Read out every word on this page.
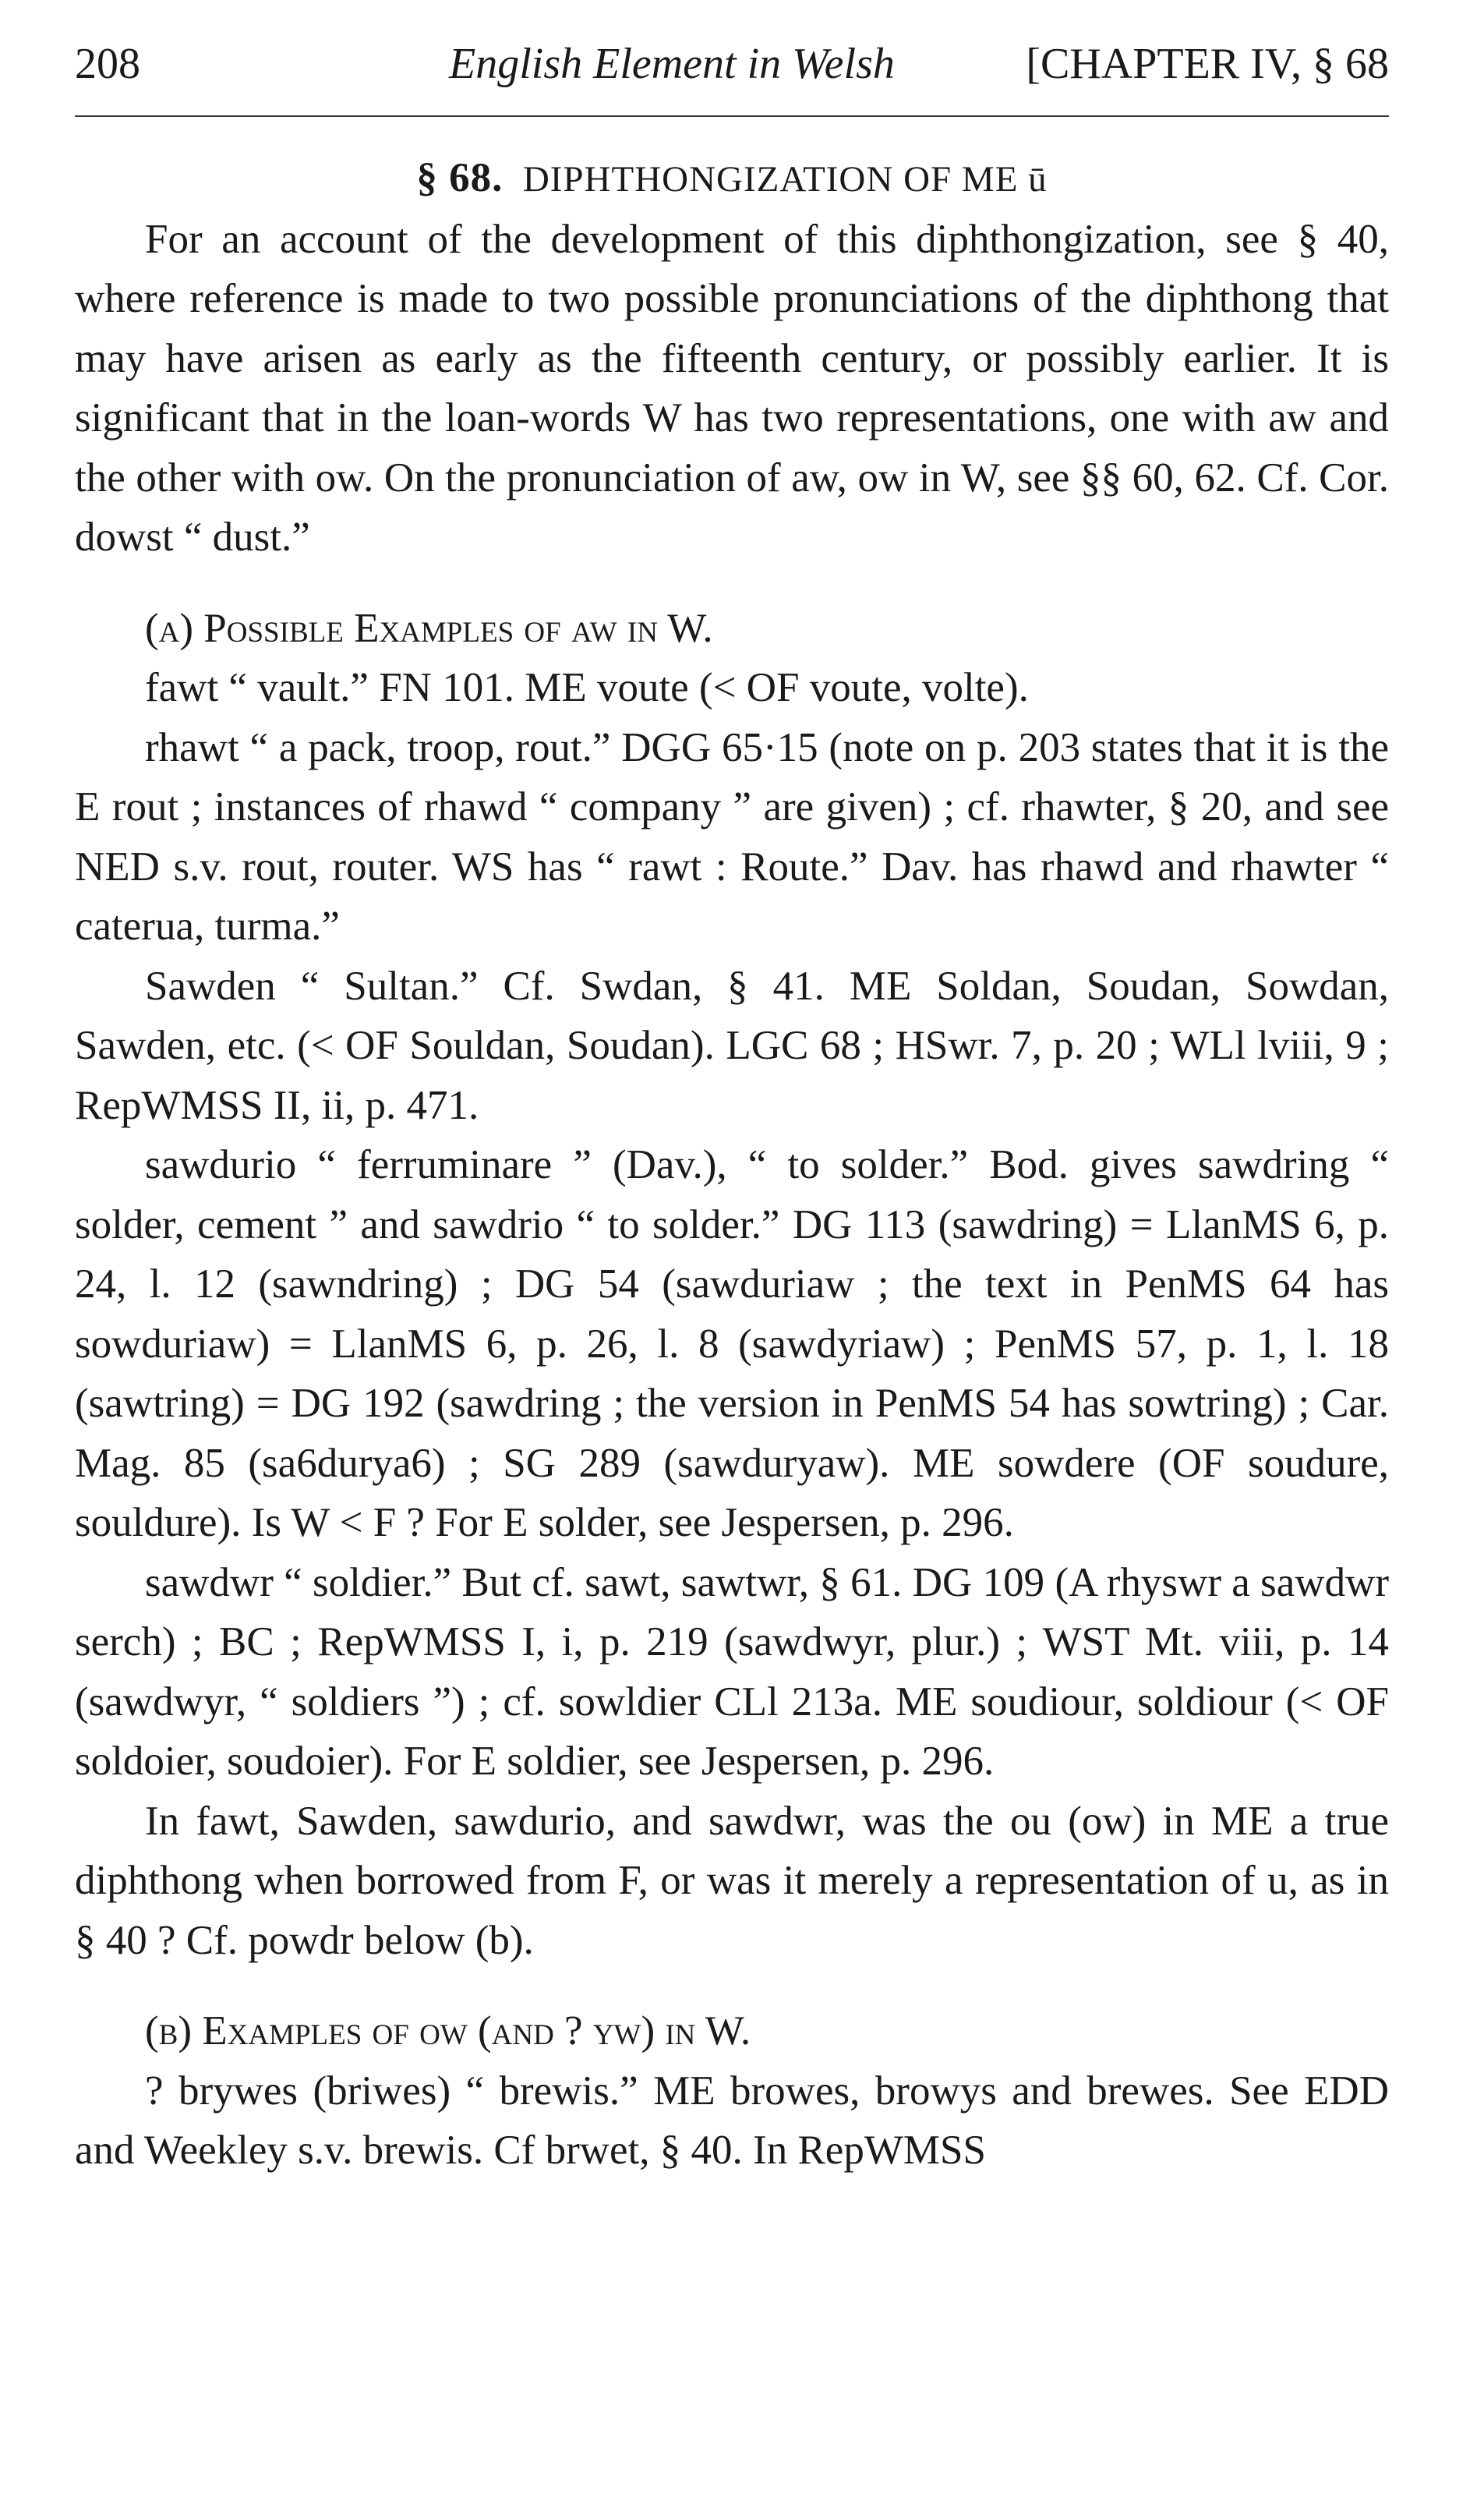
208	English Element in Welsh	[CHAPTER IV, § 68

§ 68. DIPHTHONGIZATION OF ME ū

For an account of the development of this diphthongization, see § 40, where reference is made to two possible pronunciations of the diphthong that may have arisen as early as the fifteenth century, or possibly earlier. It is significant that in the loan-words W has two representations, one with aw and the other with ow. On the pronunciation of aw, ow in W, see §§ 60, 62. Cf. Cor. dowst “ dust.”

(a) Possible Examples of aw in W.

fawt “ vault.” FN 101. ME voute (< OF voute, volte).

rhawt “ a pack, troop, rout.” DGG 65·15 (note on p. 203 states that it is the E rout ; instances of rhawd “ company ” are given) ; cf. rhawter, § 20, and see NED s.v. rout, router. WS has “ rawt : Route.” Dav. has rhawd and rhawter “ caterua, turma.”

Sawden “ Sultan.” Cf. Swdan, § 41. ME Soldan, Soudan, Sowdan, Sawden, etc. (< OF Souldan, Soudan). LGC 68 ; HSwr. 7, p. 20 ; WLl lviii, 9 ; RepWMSS II, ii, p. 471.

sawdurio “ ferruminare ” (Dav.), “ to solder.” Bod. gives sawdring “ solder, cement ” and sawdrio “ to solder.” DG 113 (sawdring) = LlanMS 6, p. 24, l. 12 (sawndring) ; DG 54 (sawduriaw ; the text in PenMS 64 has sowduriaw) = LlanMS 6, p. 26, l. 8 (sawdyriaw) ; PenMS 57, p. 1, l. 18 (sawtring) = DG 192 (sawdring ; the version in PenMS 54 has sowtring) ; Car. Mag. 85 (sa6durya6) ; SG 289 (sawduryaw). ME sowdere (OF soudure, souldure). Is W < F ? For E solder, see Jespersen, p. 296.

sawdwr “ soldier.” But cf. sawt, sawtwr, § 61. DG 109 (A rhyswr a sawdwr serch) ; BC ; RepWMSS I, i, p. 219 (sawdwyr, plur.) ; WST Mt. viii, p. 14 (sawdwyr, “ soldiers ”) ; cf. sowldier CLl 213a. ME soudiour, soldiour (< OF soldoier, soudoier). For E soldier, see Jespersen, p. 296.

In fawt, Sawden, sawdurio, and sawdwr, was the ou (ow) in ME a true diphthong when borrowed from F, or was it merely a representation of u, as in § 40 ? Cf. powdr below (b).

(b) Examples of ow (and ? yw) in W.

? brywes (briwes) “ brewis.” ME browes, browys and brewes. See EDD and Weekley s.v. brewis. Cf brwet, § 40. In RepWMSS
